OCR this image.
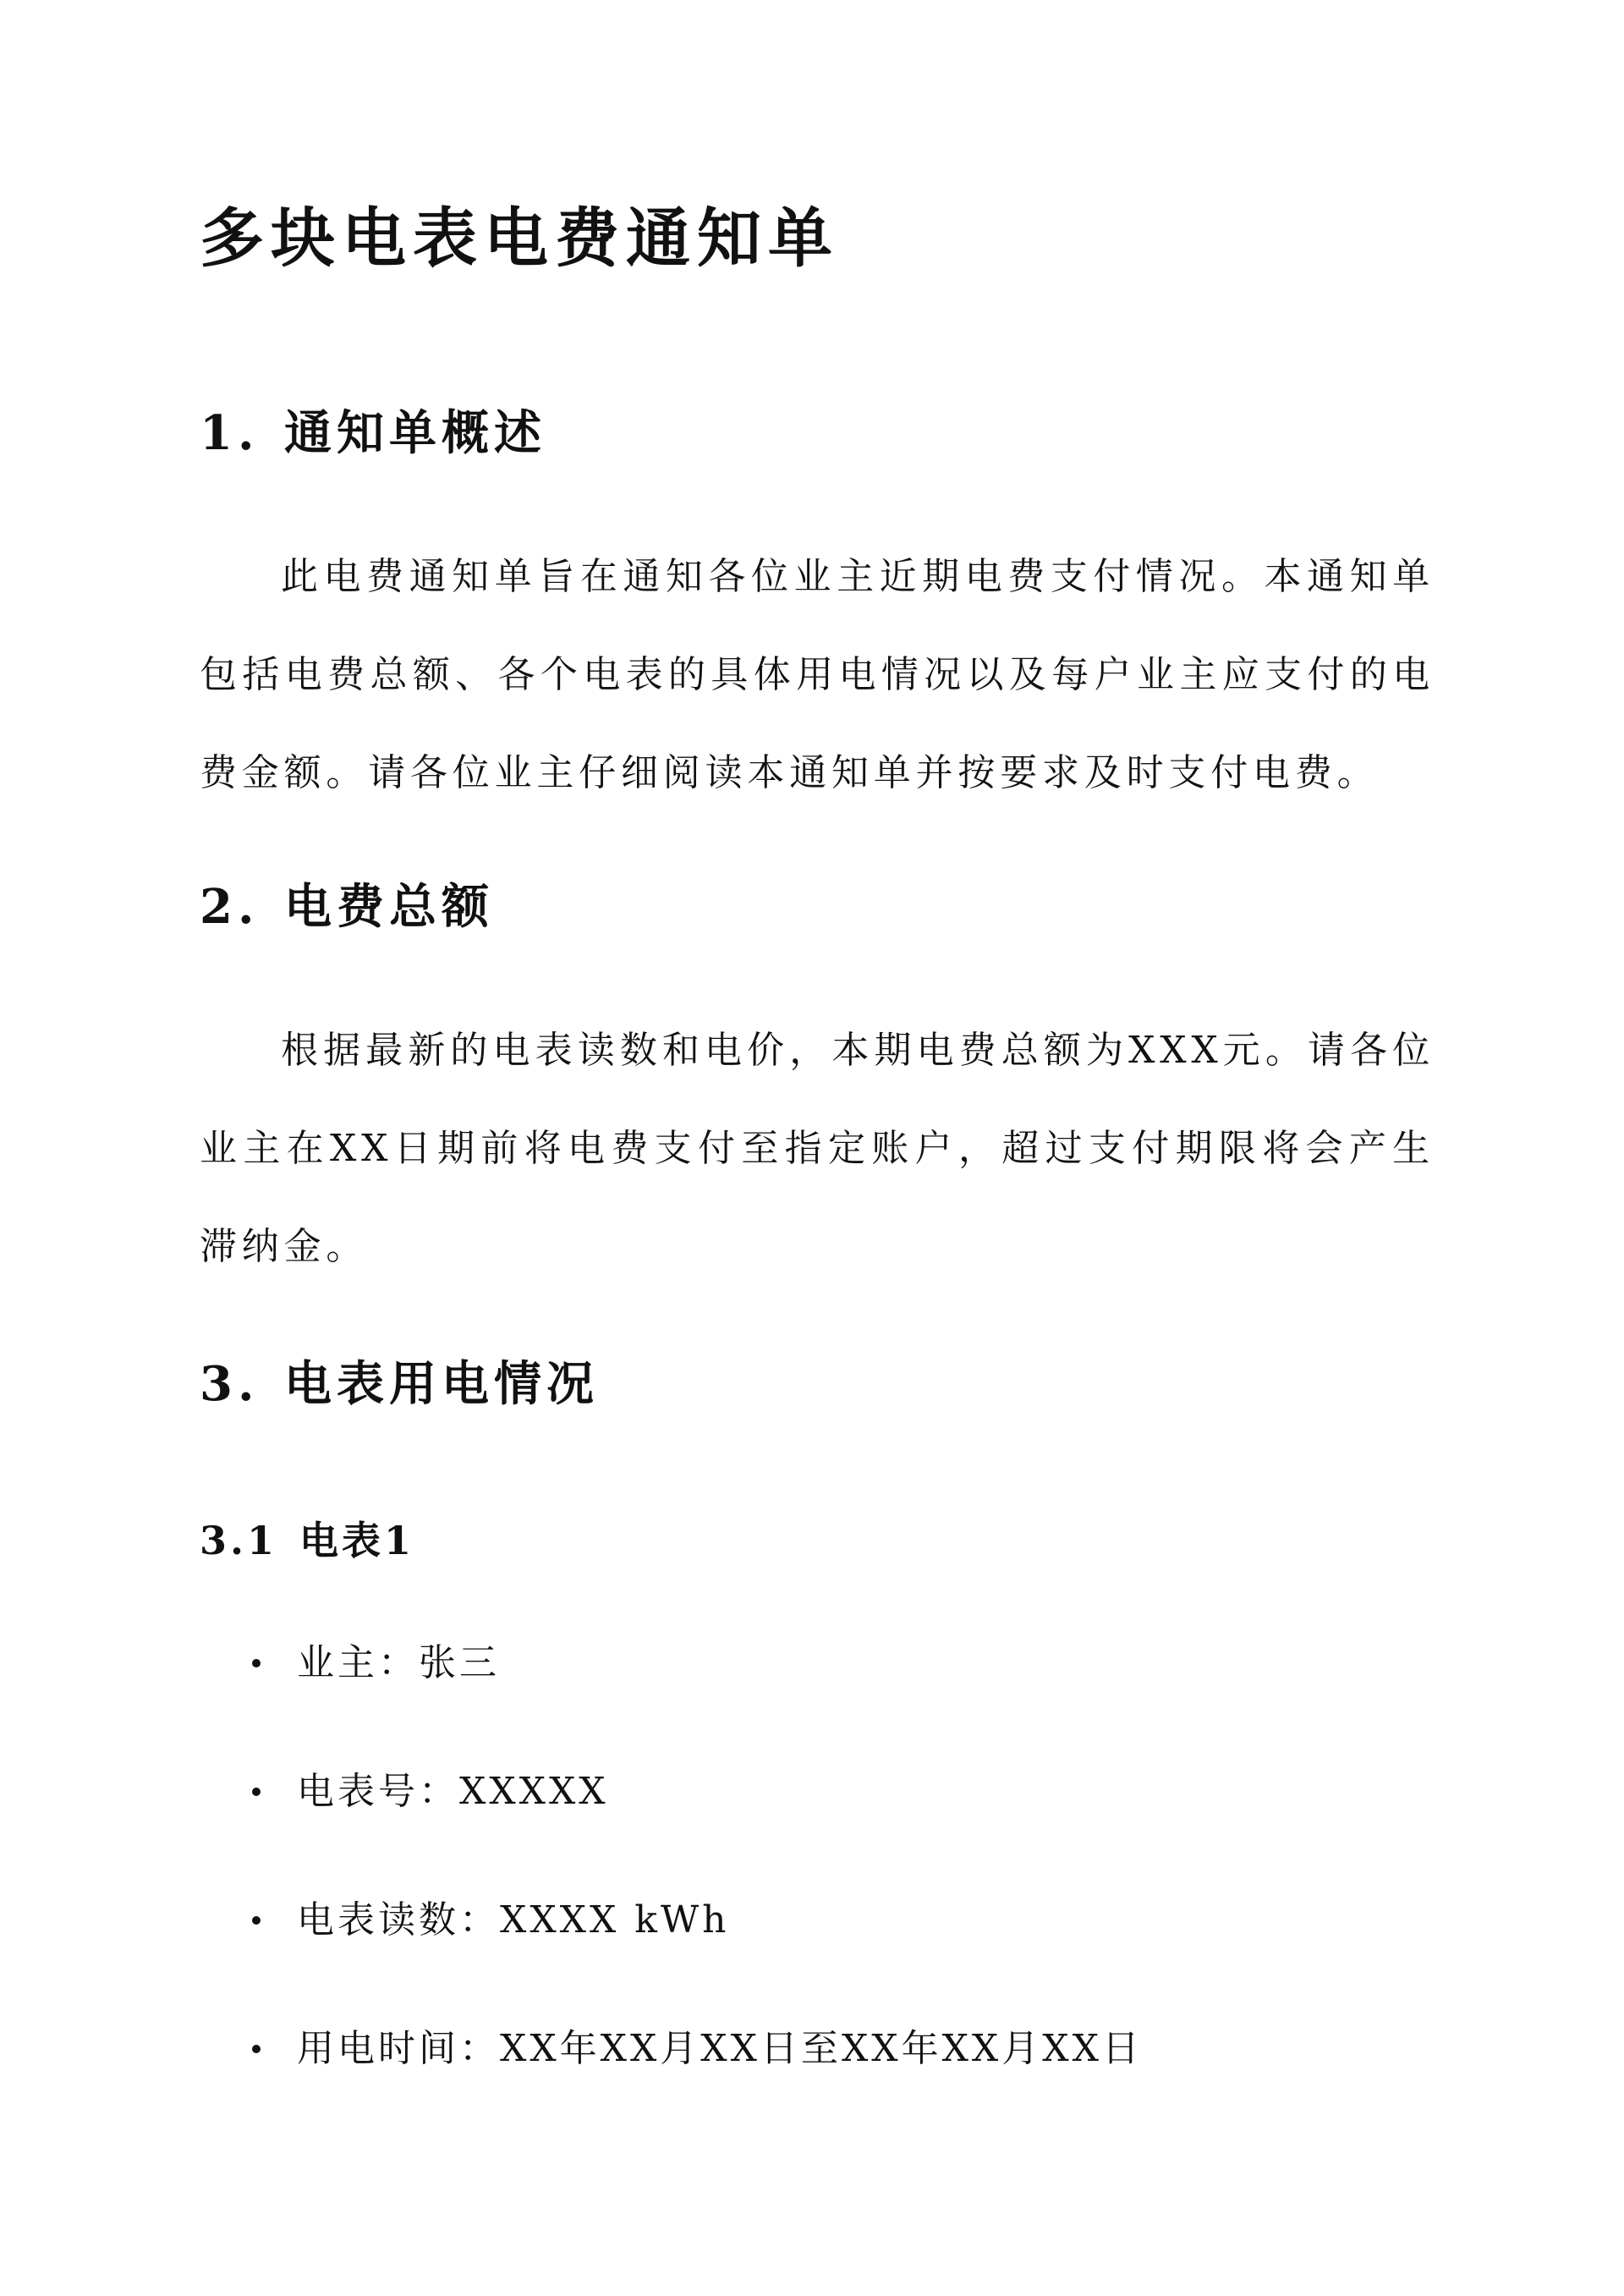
多块电表电费通知单
1. 通知单概述

此电费通知单旨在通知各位业主近期电费支付情况。本通知单包括电费总额、各个电表的具体用电情况以及每户业主应支付的电费金额。请各位业主仔细阅读本通知单并按要求及时支付电费。

2. 电费总额

根据最新的电表读数和电价，本期电费总额为XXX元。请各位业主在XX日期前将电费支付至指定账户，超过支付期限将会产生滞纳金。

3. 电表用电情况
3.1 电表1
业主：张三
电表号：XXXXX
电表读数：XXXX kWh
用电时间：XX年XX月XX日至XX年XX月XX日
